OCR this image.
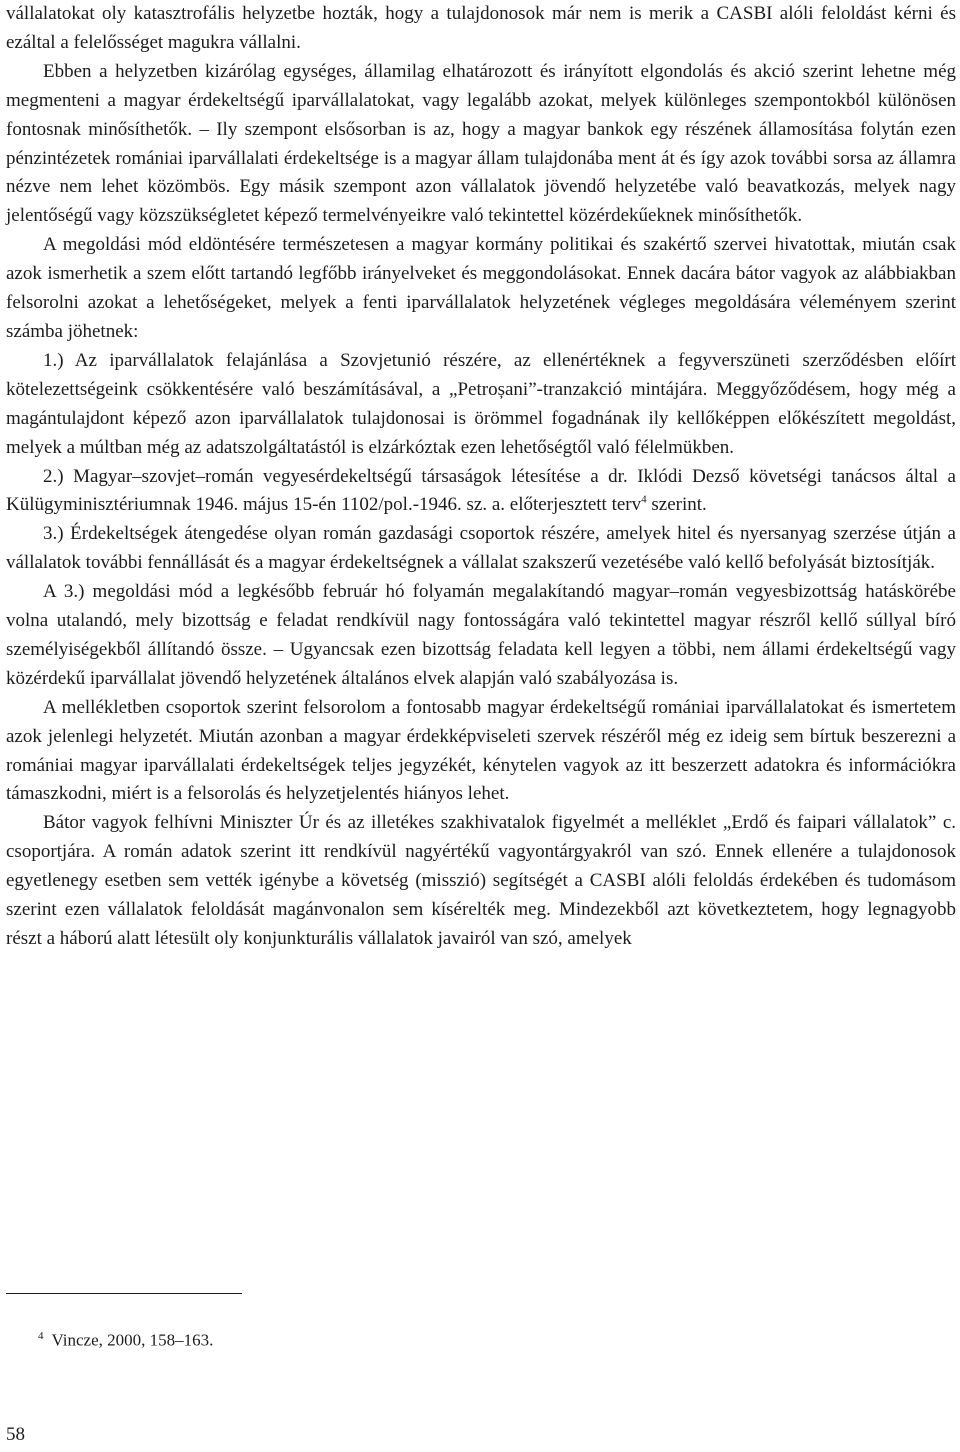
vállalatokat oly katasztrofális helyzetbe hozták, hogy a tulajdonosok már nem is merik a CASBI alóli feloldást kérni és ezáltal a felelősséget magukra vállalni.

Ebben a helyzetben kizárólag egységes, államilag elhatározott és irányított elgondolás és akció szerint lehetne még megmenteni a magyar érdekeltségű iparvállalatokat, vagy legalább azokat, melyek különleges szempontokból különösen fontosnak minősíthetők. – Ily szempont elsősorban is az, hogy a magyar bankok egy részének államosítása folytán ezen pénzintézetek romániai iparvállalati érdekeltsége is a magyar állam tulajdonába ment át és így azok további sorsa az államra nézve nem lehet közömbös. Egy másik szempont azon vállalatok jövendő helyzetébe való beavatkozás, melyek nagy jelentőségű vagy közszükségletet képező termelvényeikre való tekintettel közérdekűeknek minősíthetők.

A megoldási mód eldöntésére természetesen a magyar kormány politikai és szakértő szervei hivatottak, miután csak azok ismerhetik a szem előtt tartandó legfőbb irányelveket és meggondolásokat. Ennek dacára bátor vagyok az alábbiakban felsorolni azokat a lehetőségeket, melyek a fenti iparvállalatok helyzetének végleges megoldására véleményem szerint számba jöhetnek:

1.) Az iparvállalatok felajánlása a Szovjetunió részére, az ellenértéknek a fegyverszüneti szerződésben előírt kötelezettségeink csökkentésére való beszámításával, a „Petroșani”-tranzakció mintájára. Meggyőződésem, hogy még a magántulajdont képező azon iparvállalatok tulajdonosai is örömmel fogadnának ily kellőképpen előkészített megoldást, melyek a múltban még az adatszolgáltatástól is elzárkóztak ezen lehetőségtől való félelmükben.

2.) Magyar–szovjet–román vegyesérdekeltségű társaságok létesítése a dr. Iklódi Dezső követségi tanácsos által a Külügyminisztériumnak 1946. május 15-én 1102/pol.-1946. sz. a. előterjesztett terv$^4$ szerint.

3.) Érdekeltségek átengedése olyan román gazdasági csoportok részére, amelyek hitel és nyersanyag szerzése útján a vállalatok további fennállását és a magyar érdekeltségnek a vállalat szakszerű vezetésébe való kellő befolyását biztosítják.

A 3.) megoldási mód a legkésőbb február hó folyamán megalakítandó magyar–román vegyesbizottság hatáskörébe volna utalandó, mely bizottság e feladat rendkívül nagy fontosságára való tekintettel magyar részről kellő súllyal bíró személyiségekből állítandó össze. – Ugyancsak ezen bizottság feladata kell legyen a többi, nem állami érdekeltségű vagy közérdekű iparvállalat jövendő helyzetének általános elvek alapján való szabályozása is.

A mellékletben csoportok szerint felsorolom a fontosabb magyar érdekeltségű romániai iparvállalatokat és ismertetem azok jelenlegi helyzetét. Miután azonban a magyar érdekképviseleti szervek részéről még ez ideig sem bírtuk beszerezni a romániai magyar iparvállalati érdekeltségek teljes jegyzékét, kénytelen vagyok az itt beszerzett adatokra és információkra támaszkodni, miért is a felsorolás és helyzetjelentés hiányos lehet.

Bátor vagyok felhívni Miniszter Úr és az illetékes szakhivatalok figyelmét a melléklet „Erdő és faipari vállalatok” c. csoportjára. A román adatok szerint itt rendkívül nagyértékű vagyontárgyakról van szó. Ennek ellenére a tulajdonosok egyetlenegy esetben sem vették igénybe a követség (misszió) segítségét a CASBI alóli feloldás érdekében és tudomásom szerint ezen vállalatok feloldását magánvonalon sem kísérelték meg. Mindezekből azt következtetem, hogy legnagyobb részt a háború alatt létesült oly konjunkturális vállalatok javairól van szó, amelyek

$^4$ Vincze, 2000, 158–163.
58
